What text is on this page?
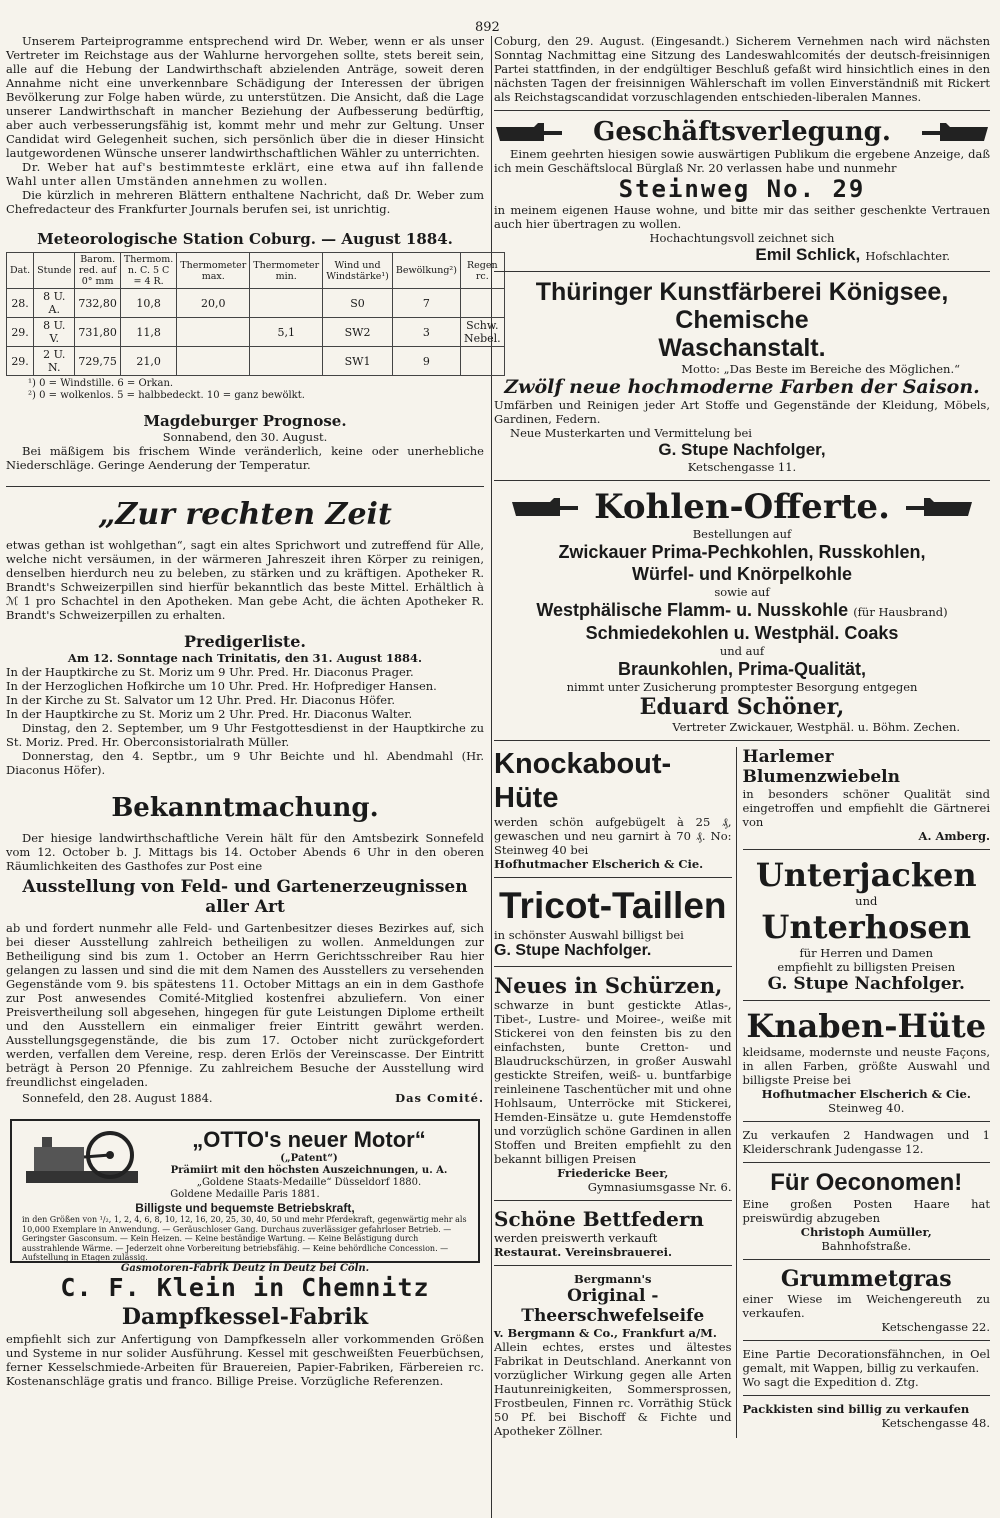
892

Unserem Parteiprogramme entsprechend wird Dr. Weber, wenn er als unser Vertreter im Reichstage aus der Wahlurne hervorgehen sollte, stets bereit sein, alle auf die Hebung der Landwirthschaft abzielenden Anträge, soweit deren Annahme nicht eine unverkennbare Schädigung der Interessen der übrigen Bevölkerung zur Folge haben würde, zu unterstützen. Die Ansicht, daß die Lage unserer Landwirthschaft in mancher Beziehung der Aufbesserung bedürftig, aber auch verbesserungsfähig ist, kommt mehr und mehr zur Geltung. Unser Candidat wird Gelegenheit suchen, sich persönlich über die in dieser Hinsicht lautgewordenen Wünsche unserer landwirthschaftlichen Wähler zu unterrichten.

Dr. Weber hat auf's bestimmteste erklärt, eine etwa auf ihn fallende Wahl unter allen Umständen annehmen zu wollen.

Die kürzlich in mehreren Blättern enthaltene Nachricht, daß Dr. Weber zum Chefredacteur des Frankfurter Journals berufen sei, ist unrichtig.

Meteorologische Station Coburg. — August 1884.

Dat.	Stunde	Barom. red. auf 0° mm	Thermom. n. C. 5 C = 4 R.	Thermometer max.	Thermometer min.	Wind und Windstärke¹)	Bewölkung²)	Regen rc.
28.	8 U. A.	732,80	10,8	20,0		S0	7	
29.	8 U. V.	731,80	11,8		5,1	SW2	3	Schw. Nebel.
29.	2 U. N.	729,75	21,0			SW1	9	

¹) 0 = Windstille. 6 = Orkan.

²) 0 = wolkenlos. 5 = halbbedeckt. 10 = ganz bewölkt.

Magdeburger Prognose.

Sonnabend, den 30. August.

Bei mäßigem bis frischem Winde veränderlich, keine oder unerhebliche Niederschläge. Geringe Aenderung der Temperatur.

„Zur rechten Zeit

etwas gethan ist wohlgethan“, sagt ein altes Sprichwort und zutreffend für Alle, welche nicht versäumen, in der wärmeren Jahreszeit ihren Körper zu reinigen, denselben hierdurch neu zu beleben, zu stärken und zu kräftigen. Apotheker R. Brandt's Schweizerpillen sind hierfür bekanntlich das beste Mittel. Erhältlich à ℳ 1 pro Schachtel in den Apotheken. Man gebe Acht, die ächten Apotheker R. Brandt's Schweizerpillen zu erhalten.

Predigerliste.

Am 12. Sonntage nach Trinitatis, den 31. August 1884.

In der Hauptkirche zu St. Moriz um 9 Uhr. Pred. Hr. Diaconus Prager.

In der Herzoglichen Hofkirche um 10 Uhr. Pred. Hr. Hofprediger Hansen.

In der Kirche zu St. Salvator um 12 Uhr. Pred. Hr. Diaconus Höfer.

In der Hauptkirche zu St. Moriz um 2 Uhr. Pred. Hr. Diaconus Walter.

Dinstag, den 2. September, um 9 Uhr Festgottesdienst in der Hauptkirche zu St. Moriz. Pred. Hr. Oberconsistorialrath Müller.

Donnerstag, den 4. Septbr., um 9 Uhr Beichte und hl. Abendmahl (Hr. Diaconus Höfer).

Bekanntmachung.

Der hiesige landwirthschaftliche Verein hält für den Amtsbezirk Sonnefeld vom 12. October b. J. Mittags bis 14. October Abends 6 Uhr in den oberen Räumlichkeiten des Gasthofes zur Post eine

Ausstellung von Feld- und Gartenerzeugnissen aller Art

ab und fordert nunmehr alle Feld- und Gartenbesitzer dieses Bezirkes auf, sich bei dieser Ausstellung zahlreich betheiligen zu wollen. Anmeldungen zur Betheiligung sind bis zum 1. October an Herrn Gerichtsschreiber Rau hier gelangen zu lassen und sind die mit dem Namen des Ausstellers zu versehenden Gegenstände vom 9. bis spätestens 11. October Mittags an ein in dem Gasthofe zur Post anwesendes Comité-Mitglied kostenfrei abzuliefern. Von einer Preisvertheilung soll abgesehen, hingegen für gute Leistungen Diplome ertheilt und den Ausstellern ein einmaliger freier Eintritt gewährt werden. Ausstellungsgegenstände, die bis zum 17. October nicht zurückgefordert werden, verfallen dem Vereine, resp. deren Erlös der Vereinscasse. Der Eintritt beträgt à Person 20 Pfennige. Zu zahlreichem Besuche der Ausstellung wird freundlichst eingeladen.

Sonnefeld, den 28. August 1884.	Das Comité.

„OTTO's neuer Motor“

(„Patent“)

Prämiirt mit den höchsten Auszeichnungen, u. A.

„Goldene Staats-Medaille“ Düsseldorf 1880.

Goldene Medaille Paris 1881.

Billigste und bequemste Betriebskraft,

in den Größen von ¹/₂, 1, 2, 4, 6, 8, 10, 12, 16, 20, 25, 30, 40, 50 und mehr Pferdekraft, gegenwärtig mehr als 10,000 Exemplare in Anwendung. — Geräuschloser Gang. Durchaus zuverlässiger gefahrloser Betrieb. — Geringster Gasconsum. — Kein Heizen. — Keine beständige Wartung. — Keine Belästigung durch ausstrahlende Wärme. — Jederzeit ohne Vorbereitung betriebsfähig. — Keine behördliche Concession. — Aufstellung in Etagen zulässig.

Gasmotoren-Fabrik Deutz in Deutz bei Cöln.

C. F. Klein in Chemnitz

Dampfkessel-Fabrik

empfiehlt sich zur Anfertigung von Dampfkesseln aller vorkommenden Größen und Systeme in nur solider Ausführung. Kessel mit geschweißten Feuerbüchsen, ferner Kesselschmiede-Arbeiten für Brauereien, Papier-Fabriken, Färbereien rc. Kostenanschläge gratis und franco. Billige Preise. Vorzügliche Referenzen.

Coburg, den 29. August. (Eingesandt.) Sicherem Vernehmen nach wird nächsten Sonntag Nachmittag eine Sitzung des Landeswahlcomités der deutsch-freisinnigen Partei stattfinden, in der endgültiger Beschluß gefaßt wird hinsichtlich eines in den nächsten Tagen der freisinnigen Wählerschaft im vollen Einverständniß mit Rickert als Reichstagscandidat vorzuschlagenden entschieden-liberalen Mannes.

Geschäftsverlegung.

Einem geehrten hiesigen sowie auswärtigen Publikum die ergebene Anzeige, daß ich mein Geschäftslocal Bürglaß Nr. 20 verlassen habe und nunmehr

Steinweg No. 29

in meinem eigenen Hause wohne, und bitte mir das seither geschenkte Vertrauen auch hier übertragen zu wollen.

Hochachtungsvoll zeichnet sich

Emil Schlick, Hofschlachter.

Thüringer Kunstfärberei Königsee, Chemische

Waschanstalt.

Motto: „Das Beste im Bereiche des Möglichen.“

Zwölf neue hochmoderne Farben der Saison.

Umfärben und Reinigen jeder Art Stoffe und Gegenstände der Kleidung, Möbels, Gardinen, Federn.

Neue Musterkarten und Vermittelung bei

G. Stupe Nachfolger,

Ketschengasse 11.

Kohlen-Offerte.

Bestellungen auf

Zwickauer Prima-Pechkohlen, Russkohlen,

Würfel- und Knörpelkohle

sowie auf

Westphälische Flamm- u. Nusskohle (für Hausbrand)

Schmiedekohlen u. Westphäl. Coaks

und auf

Braunkohlen, Prima-Qualität,

nimmt unter Zusicherung promptester Besorgung entgegen

Eduard Schöner,

Vertreter Zwickauer, Westphäl. u. Böhm. Zechen.

Knockabout-Hüte

werden schön aufgebügelt à 25 ₰, gewaschen und neu garnirt à 70 ₰. No: Steinweg 40 bei

Hofhutmacher Elscherich & Cie.

Tricot-Taillen

in schönster Auswahl billigst bei

G. Stupe Nachfolger.

Neues in Schürzen,

schwarze in bunt gestickte Atlas-, Tibet-, Lustre- und Moiree-, weiße mit Stickerei von den feinsten bis zu den einfachsten, bunte Cretton- und Blaudruckschürzen, in großer Auswahl gestickte Streifen, weiß- u. buntfarbige reinleinene Taschentücher mit und ohne Hohlsaum, Unterröcke mit Stickerei, Hemden-Einsätze u. gute Hemdenstoffe und vorzüglich schöne Gardinen in allen Stoffen und Breiten empfiehlt zu den bekannt billigen Preisen

Friedericke Beer,

Gymnasiumsgasse Nr. 6.

Schöne Bettfedern

werden preiswerth verkauft

Restaurat. Vereinsbrauerei.

Bergmann's

Original - Theerschwefelseife

v. Bergmann & Co., Frankfurt a/M.

Allein echtes, erstes und ältestes Fabrikat in Deutschland. Anerkannt von vorzüglicher Wirkung gegen alle Arten Hautunreinigkeiten, Sommersprossen, Frostbeulen, Finnen rc. Vorräthig Stück 50 Pf. bei Bischoff & Fichte und Apotheker Zöllner.

Harlemer Blumenzwiebeln

in besonders schöner Qualität sind eingetroffen und empfiehlt die Gärtnerei von

A. Amberg.

Unterjacken

und

Unterhosen

für Herren und Damen

empfiehlt zu billigsten Preisen

G. Stupe Nachfolger.

Knaben-Hüte

kleidsame, modernste und neuste Façons, in allen Farben, größte Auswahl und billigste Preise bei

Hofhutmacher Elscherich & Cie.

Steinweg 40.

Zu verkaufen 2 Handwagen und 1 Kleiderschrank Judengasse 12.

Für Oeconomen!

Eine großen Posten Haare hat preiswürdig abzugeben

Christoph Aumüller,

Bahnhofstraße.

Grummetgras

einer Wiese im Weichengereuth zu verkaufen.

Ketschengasse 22.

Eine Partie Decorationsfähnchen, in Oel gemalt, mit Wappen, billig zu verkaufen.

Wo sagt die Expedition d. Ztg.

Packkisten sind billig zu verkaufen

Ketschengasse 48.
